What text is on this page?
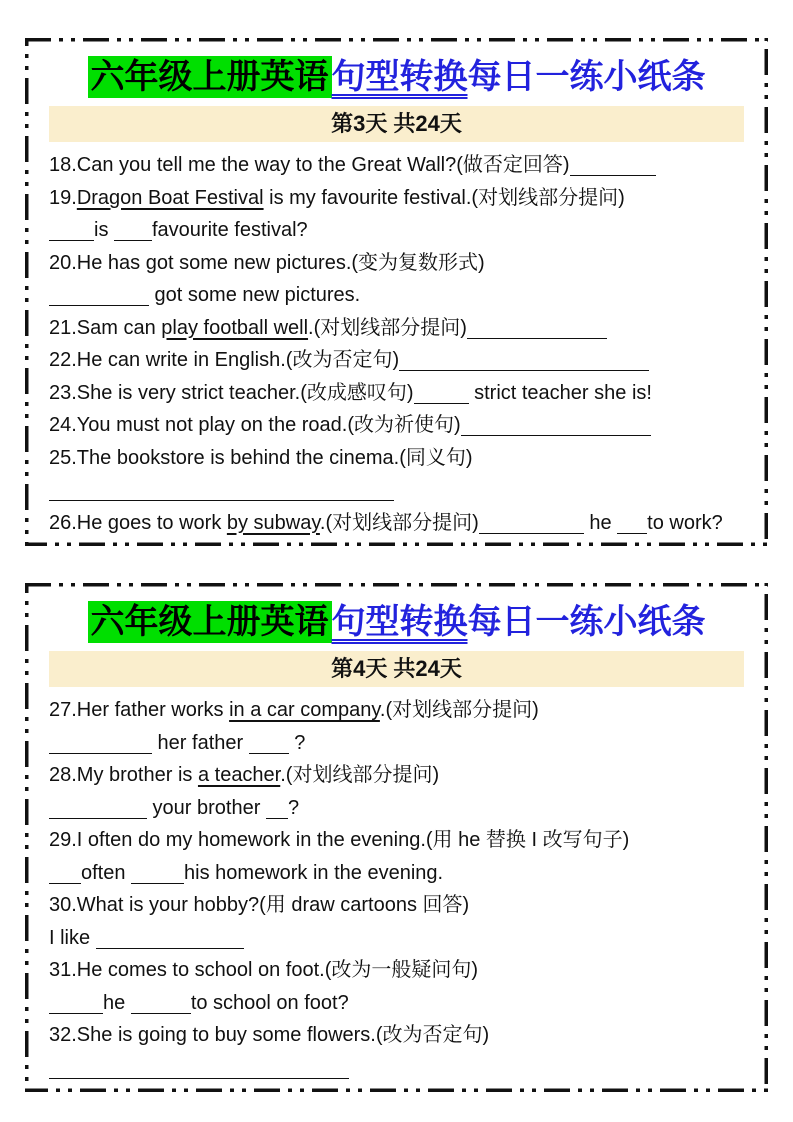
六年级上册英语句型转换每日一练小纸条
第3天 共24天
18.Can you tell me the way to the Great Wall?(做否定回答)
19.Dragon Boat Festival is my favourite festival.(对划线部分提问)
is favourite festival?
20.He has got some new pictures.(变为复数形式)
got some new pictures.
21.Sam can play football well.(对划线部分提问)
22.He can write in English.(改为否定句)
23.She is very strict teacher.(改成感叹句)	strict teacher she is!
24.You must not play on the road.(改为祈使句)
25.The bookstore is behind the cinema.(同义句)
26.He goes to work by subway.(对划线部分提问)	he to work?
六年级上册英语句型转换每日一练小纸条
第4天 共24天
27.Her father works in a car company.(对划线部分提问)
her father  ?
28.My brother is a teacher.(对划线部分提问)
your brother ?
29.I often do my homework in the evening.(用 he 替换 I 改写句子)
often	his homework in the evening.
30.What is your hobby?(用 draw cartoons 回答)
I like
31.He comes to school on foot.(改为一般疑问句)
he	to school on foot?
32.She is going to buy some flowers.(改为否定句)
